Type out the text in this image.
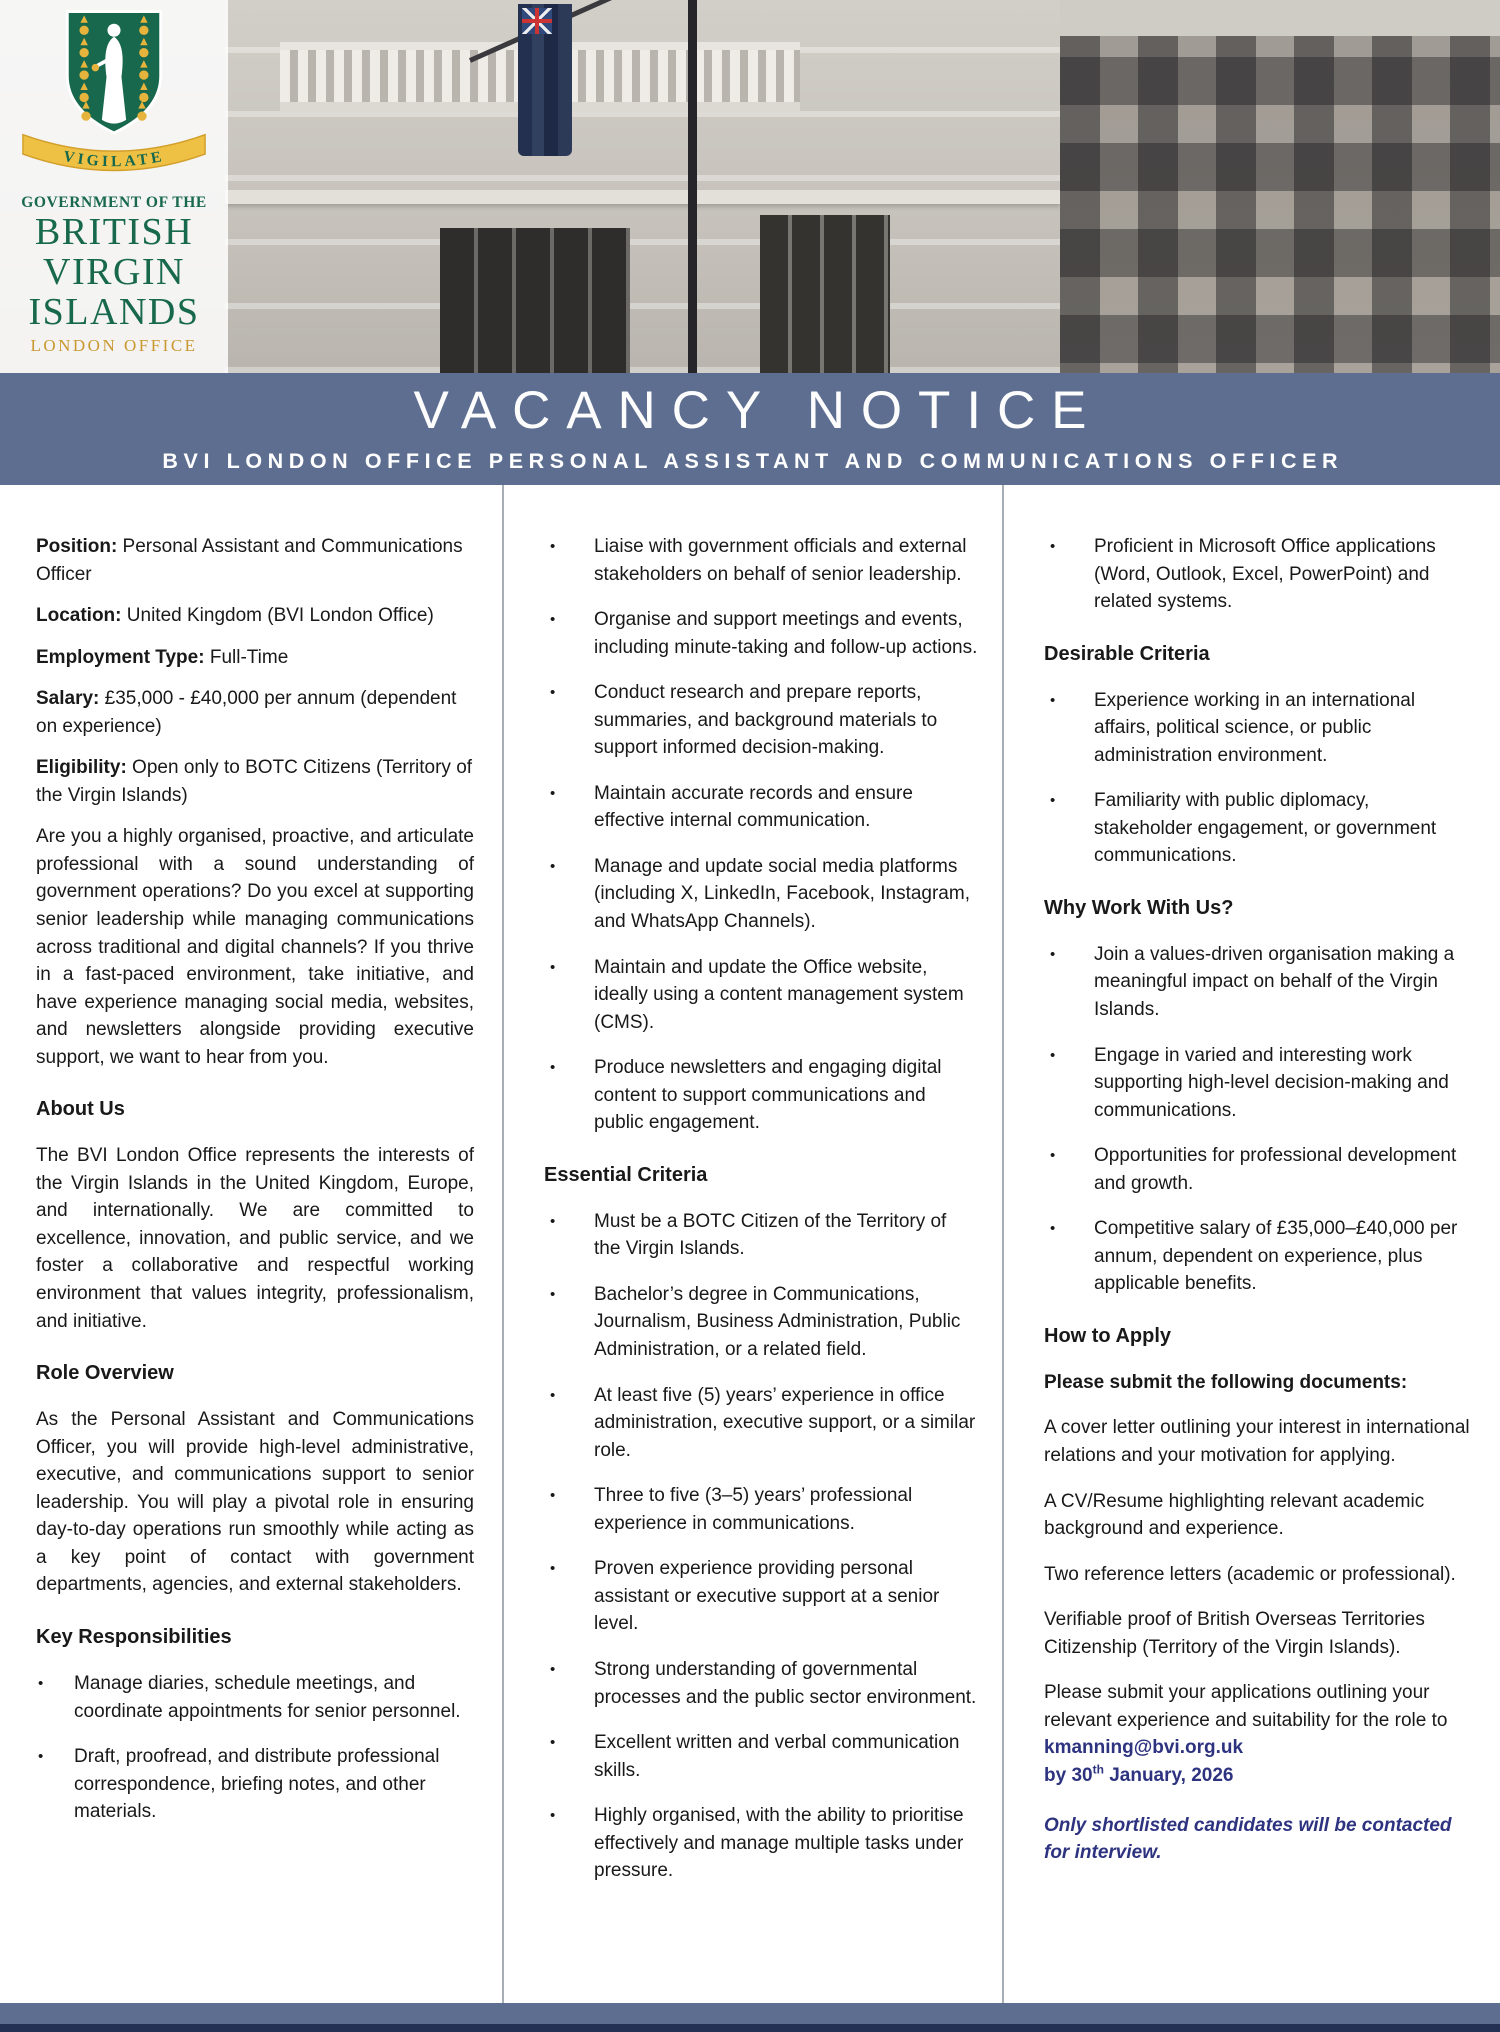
VIGILATE
GOVERNMENT OF THE
BRITISH
VIRGIN
ISLANDS
LONDON OFFICE
VACANCY NOTICE
BVI LONDON OFFICE PERSONAL ASSISTANT AND COMMUNICATIONS OFFICER

Position: Personal Assistant and Communications Officer

Location: United Kingdom (BVI London Office)

Employment Type: Full-Time

Salary: £35,000 - £40,000 per annum (dependent on experience)

Eligibility: Open only to BOTC Citizens (Territory of the Virgin Islands)

Are you a highly organised, proactive, and articulate professional with a sound understanding of government operations? Do you excel at supporting senior leadership while managing communications across traditional and digital channels? If you thrive in a fast-paced environment, take initiative, and have experience managing social media, websites, and newsletters alongside providing executive support, we want to hear from you.

About Us

The BVI London Office represents the interests of the Virgin Islands in the United Kingdom, Europe, and internationally. We are committed to excellence, innovation, and public service, and we foster a collaborative and respectful working environment that values integrity, professionalism, and initiative.

Role Overview

As the Personal Assistant and Communications Officer, you will provide high-level administrative, executive, and communications support to senior leadership. You will play a pivotal role in ensuring day-to-day operations run smoothly while acting as a key point of contact with government departments, agencies, and external stakeholders.

Key Responsibilities
•	Manage diaries, schedule meetings, and coordinate appointments for senior personnel.
•	Draft, proofread, and distribute professional correspondence, briefing notes, and other materials.
•	Liaise with government officials and external stakeholders on behalf of senior leadership.
•	Organise and support meetings and events, including minute-taking and follow-up actions.
•	Conduct research and prepare reports, summaries, and background materials to support informed decision-making.
•	Maintain accurate records and ensure effective internal communication.
•	Manage and update social media platforms (including X, LinkedIn, Facebook, Instagram, and WhatsApp Channels).
•	Maintain and update the Office website, ideally using a content management system (CMS).
•	Produce newsletters and engaging digital content to support communications and public engagement.
Essential Criteria
•	Must be a BOTC Citizen of the Territory of the Virgin Islands.
•	Bachelor’s degree in Communications, Journalism, Business Administration, Public Administration, or a related field.
•	At least five (5) years’ experience in office administration, executive support, or a similar role.
•	Three to five (3–5) years’ professional experience in communications.
•	Proven experience providing personal assistant or executive support at a senior level.
•	Strong understanding of governmental processes and the public sector environment.
•	Excellent written and verbal communication skills.
•	Highly organised, with the ability to prioritise effectively and manage multiple tasks under pressure.
•	Proficient in Microsoft Office applications (Word, Outlook, Excel, PowerPoint) and related systems.
Desirable Criteria
•	Experience working in an international affairs, political science, or public administration environment.
•	Familiarity with public diplomacy, stakeholder engagement, or government communications.
Why Work With Us?
•	Join a values-driven organisation making a meaningful impact on behalf of the Virgin Islands.
•	Engage in varied and interesting work supporting high-level decision-making and communications.
•	Opportunities for professional development and growth.
•	Competitive salary of £35,000–£40,000 per annum, dependent on experience, plus applicable benefits.
How to Apply

Please submit the following documents:

A cover letter outlining your interest in international relations and your motivation for applying.

A CV/Resume highlighting relevant academic background and experience.

Two reference letters (academic or professional).

Verifiable proof of British Overseas Territories Citizenship (Territory of the Virgin Islands).

Please submit your applications outlining your relevant experience and suitability for the role to kmanning@bvi.org.uk
by 30th January, 2026

Only shortlisted candidates will be contacted for interview.
